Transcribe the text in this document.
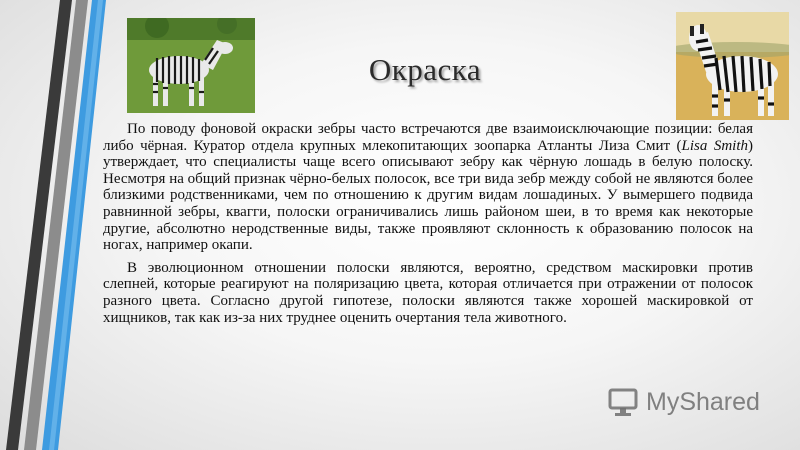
Окраска

По поводу фоновой окраски зебры часто встречаются две взаимоисключающие позиции: белая либо чёрная. Куратор отдела крупных млекопитающих зоопарка Атланты Лиза Смит (Lisa Smith) утверждает, что специалисты чаще всего описывают зебру как чёрную лошадь в белую полоску. Несмотря на общий признак чёрно-белых полосок, все три вида зебр между собой не являются более близкими родственниками, чем по отношению к другим видам лошадиных. У вымершего подвида равнинной зебры, квагги, полоски ограничивались лишь районом шеи, в то время как некоторые другие, абсолютно неродственные виды, также проявляют склонность к образованию полосок на ногах, например окапи.

В эволюционном отношении полоски являются, вероятно, средством маскировки против слепней, которые реагируют на поляризацию цвета, которая отличается при отражении от полосок разного цвета. Согласно другой гипотезе, полоски являются также хорошей маскировкой от хищников, так как из-за них труднее оценить очертания тела животного.

MyShared
